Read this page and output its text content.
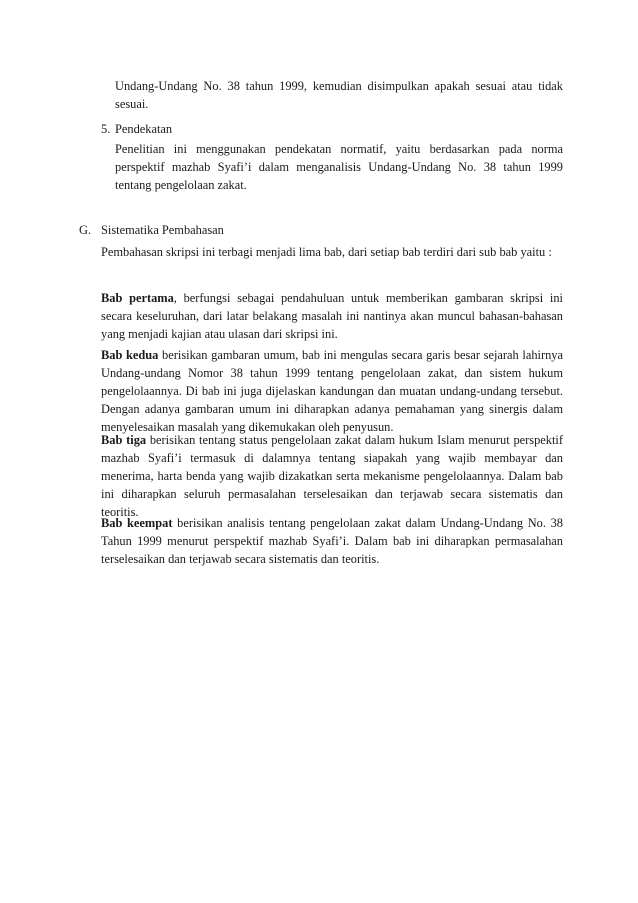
Undang-Undang No. 38 tahun 1999, kemudian disimpulkan apakah sesuai atau tidak sesuai.

5. Pendekatan

Penelitian ini menggunakan pendekatan normatif, yaitu berdasarkan pada norma perspektif mazhab Syafi’i dalam menganalisis Undang-Undang No. 38 tahun 1999 tentang pengelolaan zakat.

G. Sistematika Pembahasan

Pembahasan skripsi ini terbagi menjadi lima bab, dari setiap bab terdiri dari sub bab yaitu :

Bab pertama, berfungsi sebagai pendahuluan untuk memberikan gambaran skripsi ini secara keseluruhan, dari latar belakang masalah ini nantinya akan muncul bahasan-bahasan yang menjadi kajian atau ulasan dari skripsi ini.

Bab kedua berisikan gambaran umum, bab ini mengulas secara garis besar sejarah lahirnya Undang-undang Nomor 38 tahun 1999 tentang pengelolaan zakat, dan sistem hukum pengelolaannya. Di bab ini juga dijelaskan kandungan dan muatan undang-undang tersebut. Dengan adanya gambaran umum ini diharapkan adanya pemahaman yang sinergis dalam menyelesaikan masalah yang dikemukakan oleh penyusun.

Bab tiga berisikan tentang status pengelolaan zakat dalam hukum Islam menurut perspektif mazhab Syafi’i termasuk di dalamnya tentang siapakah yang wajib membayar dan menerima, harta benda yang wajib dizakatkan serta mekanisme pengelolaannya. Dalam bab ini diharapkan seluruh permasalahan terselesaikan dan terjawab secara sistematis dan teoritis.

Bab keempat berisikan analisis tentang pengelolaan zakat dalam Undang-Undang No. 38 Tahun 1999 menurut perspektif mazhab Syafi’i. Dalam bab ini diharapkan permasalahan terselesaikan dan terjawab secara sistematis dan teoritis.
